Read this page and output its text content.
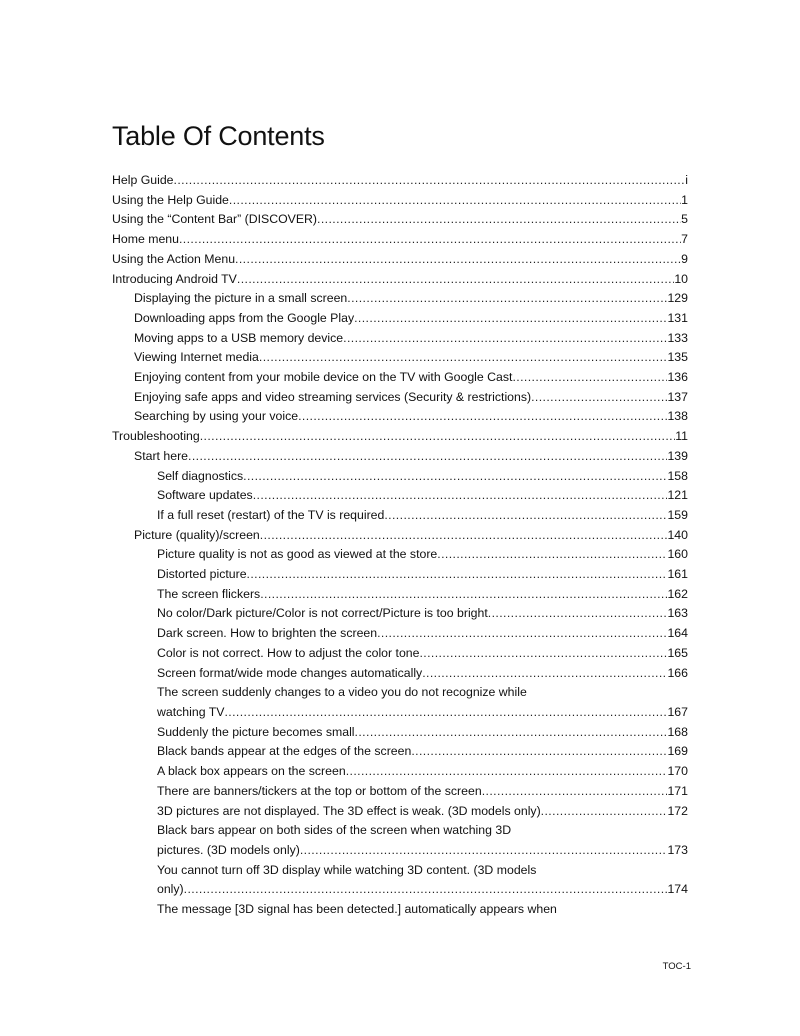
Table Of Contents
Help Guide .....	i
Using the Help Guide .....	1
Using the “Content Bar” (DISCOVER) .....	5
Home menu .....	7
Using the Action Menu .....	9
Introducing Android TV .....	10
Displaying the picture in a small screen .....	129
Downloading apps from the Google Play .....	131
Moving apps to a USB memory device .....	133
Viewing Internet media .....	135
Enjoying content from your mobile device on the TV with Google Cast .....	136
Enjoying safe apps and video streaming services (Security & restrictions) .....	137
Searching by using your voice .....	138
Troubleshooting .....	11
Start here .....	139
Self diagnostics .....	158
Software updates .....	121
If a full reset (restart) of the TV is required .....	159
Picture (quality)/screen .....	140
Picture quality is not as good as viewed at the store .....	160
Distorted picture .....	161
The screen flickers .....	162
No color/Dark picture/Color is not correct/Picture is too bright .....	163
Dark screen. How to brighten the screen .....	164
Color is not correct. How to adjust the color tone .....	165
Screen format/wide mode changes automatically .....	166
The screen suddenly changes to a video you do not recognize while
watching TV .....	167
Suddenly the picture becomes small .....	168
Black bands appear at the edges of the screen .....	169
A black box appears on the screen .....	170
There are banners/tickers at the top or bottom of the screen .....	171
3D pictures are not displayed. The 3D effect is weak. (3D models only) .....	172
Black bars appear on both sides of the screen when watching 3D
pictures. (3D models only) .....	173
You cannot turn off 3D display while watching 3D content. (3D models
only) .....	174
The message [3D signal has been detected.] automatically appears when
TOC-1
